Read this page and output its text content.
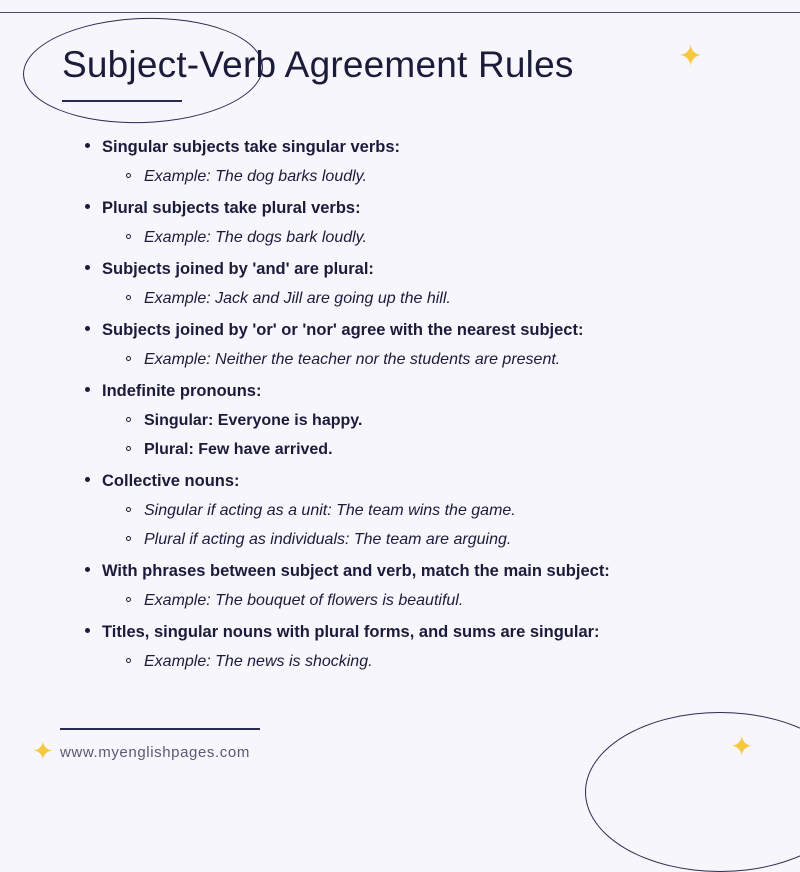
Subject-Verb Agreement Rules	✦
✦
✦
Singular subjects take singular verbs:
Example: The dog barks loudly.
Plural subjects take plural verbs:
Example: The dogs bark loudly.
Subjects joined by 'and' are plural:
Example: Jack and Jill are going up the hill.
Subjects joined by 'or' or 'nor' agree with the nearest subject:
Example: Neither the teacher nor the students are present.
Indefinite pronouns:
Singular: Everyone is happy.
Plural: Few have arrived.
Collective nouns:
Singular if acting as a unit: The team wins the game.
Plural if acting as individuals: The team are arguing.
With phrases between subject and verb, match the main subject:
Example: The bouquet of flowers is beautiful.
Titles, singular nouns with plural forms, and sums are singular:
Example: The news is shocking.
www.myenglishpages.com
